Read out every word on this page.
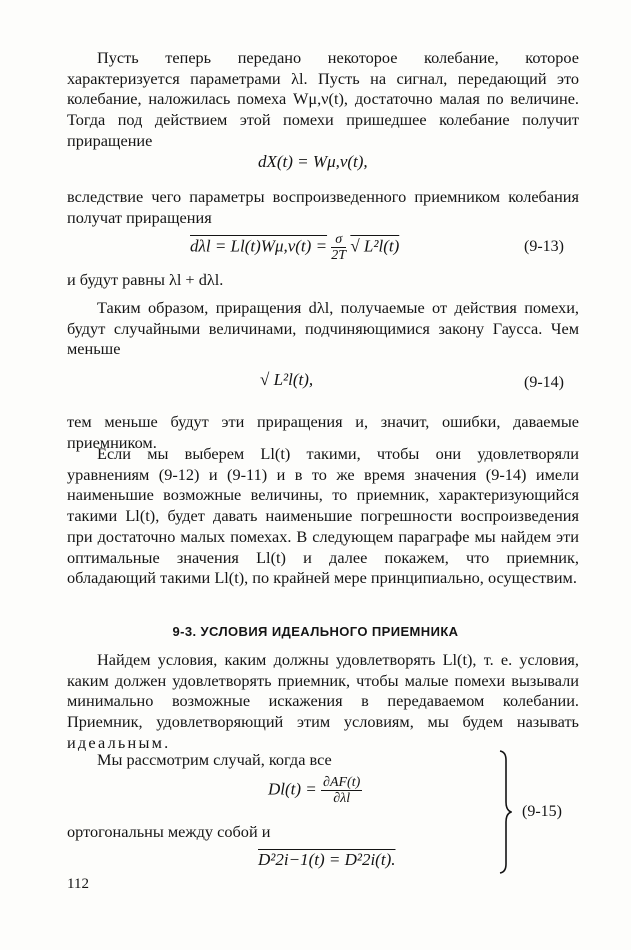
Пусть теперь передано некоторое колебание, которое характеризуется параметрами λl. Пусть на сигнал, передающий это колебание, наложилась помеха Wμ,ν(t), достаточно малая по величине. Тогда под действием этой помехи пришедшее колебание получит приращение

dX(t) = Wμ,ν(t),

вследствие чего параметры воспроизведенного приемником колебания получат приращения

$d\lambda l = Ll(t)W\mu,\nu(t) = \frac{\sigma}{2T}$ √ L²l(t)	(9-13)

и будут равны λl + dλl.

Таким образом, приращения dλl, получаемые от действия помехи, будут случайными величинами, подчиняющимися закону Гаусса. Чем меньше

√ L²l(t),	(9-14)

тем меньше будут эти приращения и, значит, ошибки, даваемые приемником.

Если мы выберем Ll(t) такими, чтобы они удовлетворяли уравнениям (9-12) и (9-11) и в то же время значения (9-14) имели наименьшие возможные величины, то приемник, характеризующийся такими Ll(t), будет давать наименьшие погрешности воспроизведения при достаточно малых помехах. В следующем параграфе мы найдем эти оптимальные значения Ll(t) и далее покажем, что приемник, обладающий такими Ll(t), по крайней мере принципиально, осуществим.

9-3. УСЛОВИЯ ИДЕАЛЬНОГО ПРИЕМНИКА

Найдем условия, каким должны удовлетворять Ll(t), т. е. условия, каким должен удовлетворять приемник, чтобы малые помехи вызывали минимально возможные искажения в передаваемом колебании. Приемник, удовлетворяющий этим условиям, мы будем называть идеальным.

Мы рассмотрим случай, когда все

$Dl(t) = \frac{\partial AF(t)}{\partial\lambda l}$

ортогональны между собой и

D²2i−1(t) = D²2i(t).
(9-15)
112
